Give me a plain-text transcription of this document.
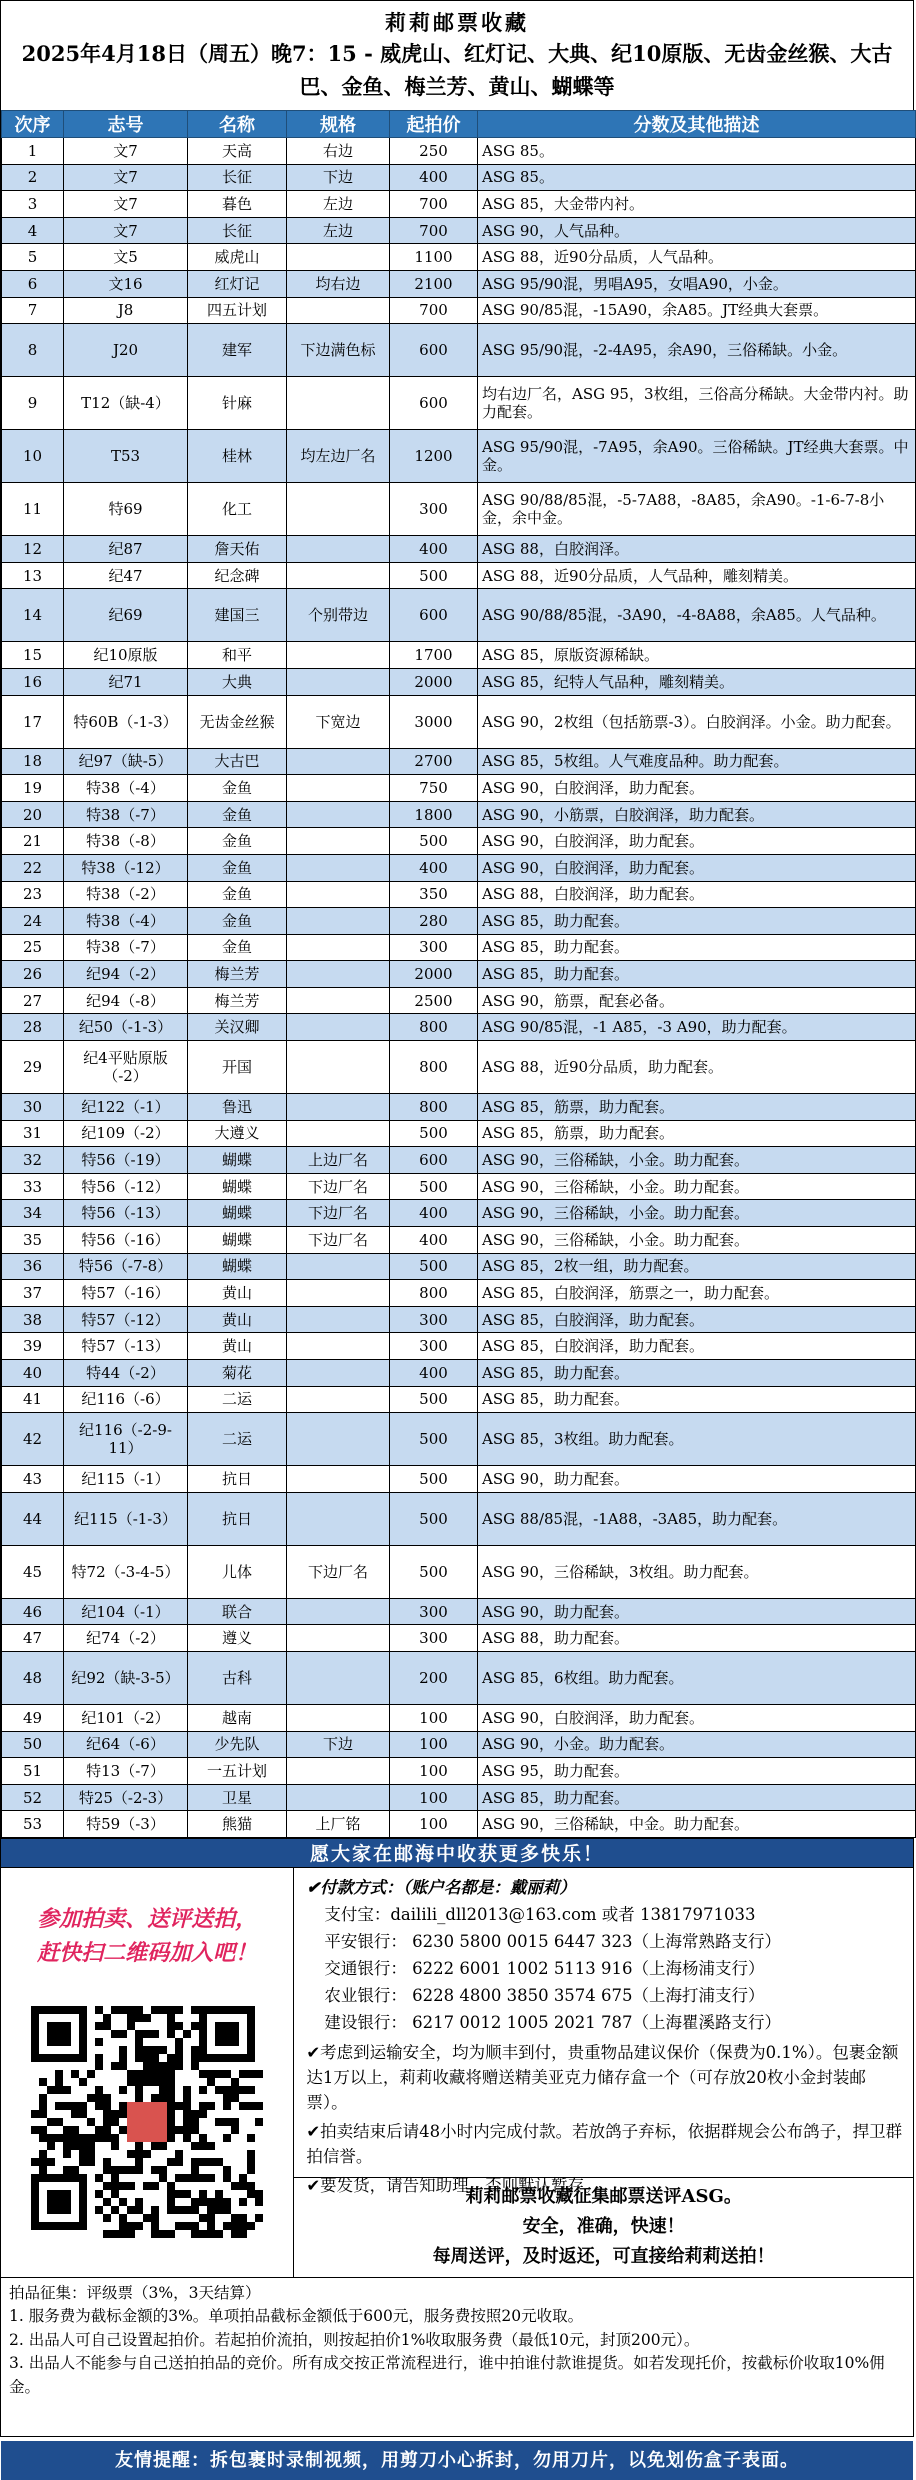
莉莉邮票收藏
2025年4月18日（周五）晚7：15 - 威虎山、红灯记、大典、纪10原版、无齿金丝猴、大古巴、金鱼、梅兰芳、黄山、蝴蝶等
次序	志号	名称	规格	起拍价	分数及其他描述
1	文7	天高	右边	250	ASG 85。
2	文7	长征	下边	400	ASG 85。
3	文7	暮色	左边	700	ASG 85，大金带内衬。
4	文7	长征	左边	700	ASG 90，人气品种。
5	文5	威虎山		1100	ASG 88，近90分品质，人气品种。
6	文16	红灯记	均右边	2100	ASG 95/90混，男唱A95，女唱A90，小金。
7	J8	四五计划		700	ASG 90/85混，-15A90，余A85。JT经典大套票。
8	J20	建军	下边满色标	600	ASG 95/90混，-2-4A95，余A90，三俗稀缺。小金。
9	T12（缺-4）	针麻		600	均右边厂名，ASG 95，3枚组，三俗高分稀缺。大金带内衬。助力配套。
10	T53	桂林	均左边厂名	1200	ASG 95/90混，-7A95，余A90。三俗稀缺。JT经典大套票。中金。
11	特69	化工		300	ASG 90/88/85混，-5-7A88，-8A85，余A90。-1-6-7-8小金，余中金。
12	纪87	詹天佑		400	ASG 88，白胶润泽。
13	纪47	纪念碑		500	ASG 88，近90分品质，人气品种，雕刻精美。
14	纪69	建国三	个别带边	600	ASG 90/88/85混，-3A90，-4-8A88，余A85。人气品种。
15	纪10原版	和平		1700	ASG 85，原版资源稀缺。
16	纪71	大典		2000	ASG 85，纪特人气品种，雕刻精美。
17	特60B（-1-3）	无齿金丝猴	下宽边	3000	ASG 90，2枚组（包括筋票-3）。白胶润泽。小金。助力配套。
18	纪97（缺-5）	大古巴		2700	ASG 85，5枚组。人气难度品种。助力配套。
19	特38（-4）	金鱼		750	ASG 90，白胶润泽，助力配套。
20	特38（-7）	金鱼		1800	ASG 90，小筋票，白胶润泽，助力配套。
21	特38（-8）	金鱼		500	ASG 90，白胶润泽，助力配套。
22	特38（-12）	金鱼		400	ASG 90，白胶润泽，助力配套。
23	特38（-2）	金鱼		350	ASG 88，白胶润泽，助力配套。
24	特38（-4）	金鱼		280	ASG 85，助力配套。
25	特38（-7）	金鱼		300	ASG 85，助力配套。
26	纪94（-2）	梅兰芳		2000	ASG 85，助力配套。
27	纪94（-8）	梅兰芳		2500	ASG 90，筋票，配套必备。
28	纪50（-1-3）	关汉卿		800	ASG 90/85混，-1 A85，-3 A90，助力配套。
29	纪4平贴原版（-2）	开国		800	ASG 88，近90分品质，助力配套。
30	纪122（-1）	鲁迅		800	ASG 85，筋票，助力配套。
31	纪109（-2）	大遵义		500	ASG 85，筋票，助力配套。
32	特56（-19）	蝴蝶	上边厂名	600	ASG 90，三俗稀缺，小金。助力配套。
33	特56（-12）	蝴蝶	下边厂名	500	ASG 90，三俗稀缺，小金。助力配套。
34	特56（-13）	蝴蝶	下边厂名	400	ASG 90，三俗稀缺，小金。助力配套。
35	特56（-16）	蝴蝶	下边厂名	400	ASG 90，三俗稀缺，小金。助力配套。
36	特56（-7-8）	蝴蝶		500	ASG 85，2枚一组，助力配套。
37	特57（-16）	黄山		800	ASG 85，白胶润泽，筋票之一，助力配套。
38	特57（-12）	黄山		300	ASG 85，白胶润泽，助力配套。
39	特57（-13）	黄山		300	ASG 85，白胶润泽，助力配套。
40	特44（-2）	菊花		400	ASG 85，助力配套。
41	纪116（-6）	二运		500	ASG 85，助力配套。
42	纪116（-2-9-11）	二运		500	ASG 85，3枚组。助力配套。
43	纪115（-1）	抗日		500	ASG 90，助力配套。
44	纪115（-1-3）	抗日		500	ASG 88/85混，-1A88，-3A85，助力配套。
45	特72（-3-4-5）	儿体	下边厂名	500	ASG 90，三俗稀缺，3枚组。助力配套。
46	纪104（-1）	联合		300	ASG 90，助力配套。
47	纪74（-2）	遵义		300	ASG 88，助力配套。
48	纪92（缺-3-5）	古科		200	ASG 85，6枚组。助力配套。
49	纪101（-2）	越南		100	ASG 90，白胶润泽，助力配套。
50	纪64（-6）	少先队	下边	100	ASG 90，小金。助力配套。
51	特13（-7）	一五计划		100	ASG 95，助力配套。
52	特25（-2-3）	卫星		100	ASG 85，助力配套。
53	特59（-3）	熊猫	上厂铭	100	ASG 90，三俗稀缺，中金。助力配套。
愿大家在邮海中收获更多快乐！
参加拍卖、送评送拍，
赶快扫二维码加入吧！
✔付款方式：（账户名都是：戴丽莉）
支付宝：dailili_dll2013@163.com 或者 13817971033
平安银行： 6230 5800 0015 6447 323（上海常熟路支行）
交通银行： 6222 6001 1002 5113 916（上海杨浦支行）
农业银行： 6228 4800 3850 3574 675（上海打浦支行）
建设银行： 6217 0012 1005 2021 787（上海瞿溪路支行）
✔考虑到运输安全，均为顺丰到付，贵重物品建议保价（保费为0.1%）。包裹金额达1万以上，莉莉收藏将赠送精美亚克力储存盒一个（可存放20枚小金封装邮票）。
✔拍卖结束后请48小时内完成付款。若放鸽子弃标，依据群规会公布鸽子，捍卫群拍信誉。
✔要发货，请告知助理，否则默认暂存。
莉莉邮票收藏征集邮票送评ASG。
安全，准确，快速！
每周送评，及时返还，可直接给莉莉送拍！
拍品征集：评级票（3%，3天结算）
1. 服务费为截标金额的3%。单项拍品截标金额低于600元，服务费按照20元收取。
2. 出品人可自己设置起拍价。若起拍价流拍，则按起拍价1%收取服务费（最低10元，封顶200元）。
3. 出品人不能参与自己送拍拍品的竞价。所有成交按正常流程进行，谁中拍谁付款谁提货。如若发现托价，按截标价收取10%佣金。
友情提醒：拆包裹时录制视频，用剪刀小心拆封，勿用刀片，以免划伤盒子表面。
